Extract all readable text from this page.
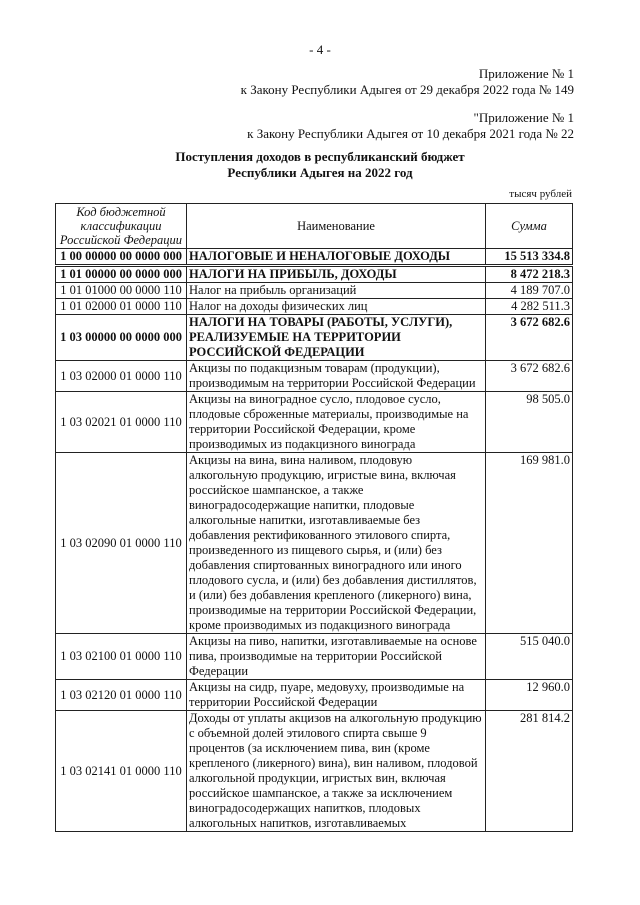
- 4 -
Приложение № 1
к Закону Республики Адыгея от 29 декабря 2022 года № 149
"Приложение № 1
к Закону Республики Адыгея от 10 декабря 2021 года № 22
Поступления доходов в республиканский бюджет
Республики Адыгея на 2022 год
тысяч рублей
Код бюджетной классификации Российской Федерации	Наименование	Сумма
1 00 00000 00 0000 000	НАЛОГОВЫЕ И НЕНАЛОГОВЫЕ ДОХОДЫ	15 513 334.8
1 01 00000 00 0000 000	НАЛОГИ НА ПРИБЫЛЬ, ДОХОДЫ	8 472 218.3
1 01 01000 00 0000 110	Налог на прибыль организаций	4 189 707.0
1 01 02000 01 0000 110	Налог на доходы физических лиц	4 282 511.3
1 03 00000 00 0000 000	НАЛОГИ НА ТОВАРЫ (РАБОТЫ, УСЛУГИ), РЕАЛИЗУЕМЫЕ НА ТЕРРИТОРИИ РОССИЙСКОЙ ФЕДЕРАЦИИ	3 672 682.6
1 03 02000 01 0000 110	Акцизы по подакцизным товарам (продукции), производимым на территории Российской Федерации	3 672 682.6
1 03 02021 01 0000 110	Акцизы на виноградное сусло, плодовое сусло, плодовые сброженные материалы, производимые на территории Российской Федерации, кроме производимых из подакцизного винограда	98 505.0
1 03 02090 01 0000 110	Акцизы на вина, вина наливом, плодовую алкогольную продукцию, игристые вина, включая российское шампанское, а также виноградосодержащие напитки, плодовые алкогольные напитки, изготавливаемые без добавления ректификованного этилового спирта, произведенного из пищевого сырья, и (или) без добавления спиртованных виноградного или иного плодового сусла, и (или) без добавления дистиллятов, и (или) без добавления крепленого (ликерного) вина, производимые на территории Российской Федерации, кроме производимых из подакцизного винограда	169 981.0
1 03 02100 01 0000 110	Акцизы на пиво, напитки, изготавливаемые на основе пива, производимые на территории Российской Федерации	515 040.0
1 03 02120 01 0000 110	Акцизы на сидр, пуаре, медовуху, производимые на территории Российской Федерации	12 960.0
1 03 02141 01 0000 110	Доходы от уплаты акцизов на алкогольную продукцию с объемной долей этилового спирта свыше 9 процентов (за исключением пива, вин (кроме крепленого (ликерного) вина), вин наливом, плодовой алкогольной продукции, игристых вин, включая российское шампанское, а также за исключением виноградосодержащих напитков, плодовых алкогольных напитков, изготавливаемых	281 814.2
